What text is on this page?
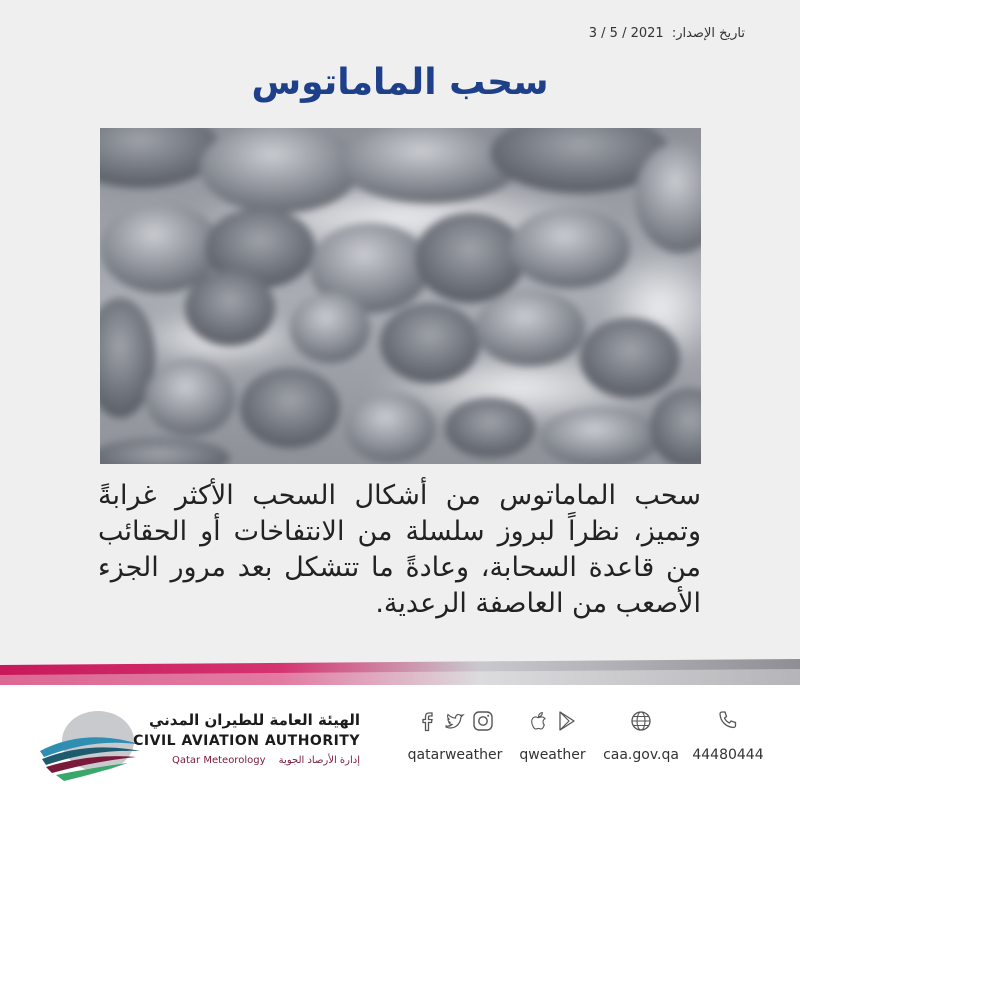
تاريخ الإصدار: 3 / 5 / 2021
سحب الماماتوس
سحب الماماتوس من أشكال السحب الأكثر غرابةً وتميز، نظراً لبروز سلسلة من الانتفاخات أو الحقائب من قاعدة السحابة، وعادةً ما تتشكل بعد مرور الجزء الأصعب من العاصفة الرعدية.
الهيئة العامة للطيران المدني
CIVIL AVIATION AUTHORITY
Qatar Meteorology إدارة الأرصاد الجوية	qatarweather	qweather	caa.gov.qa 44480444
